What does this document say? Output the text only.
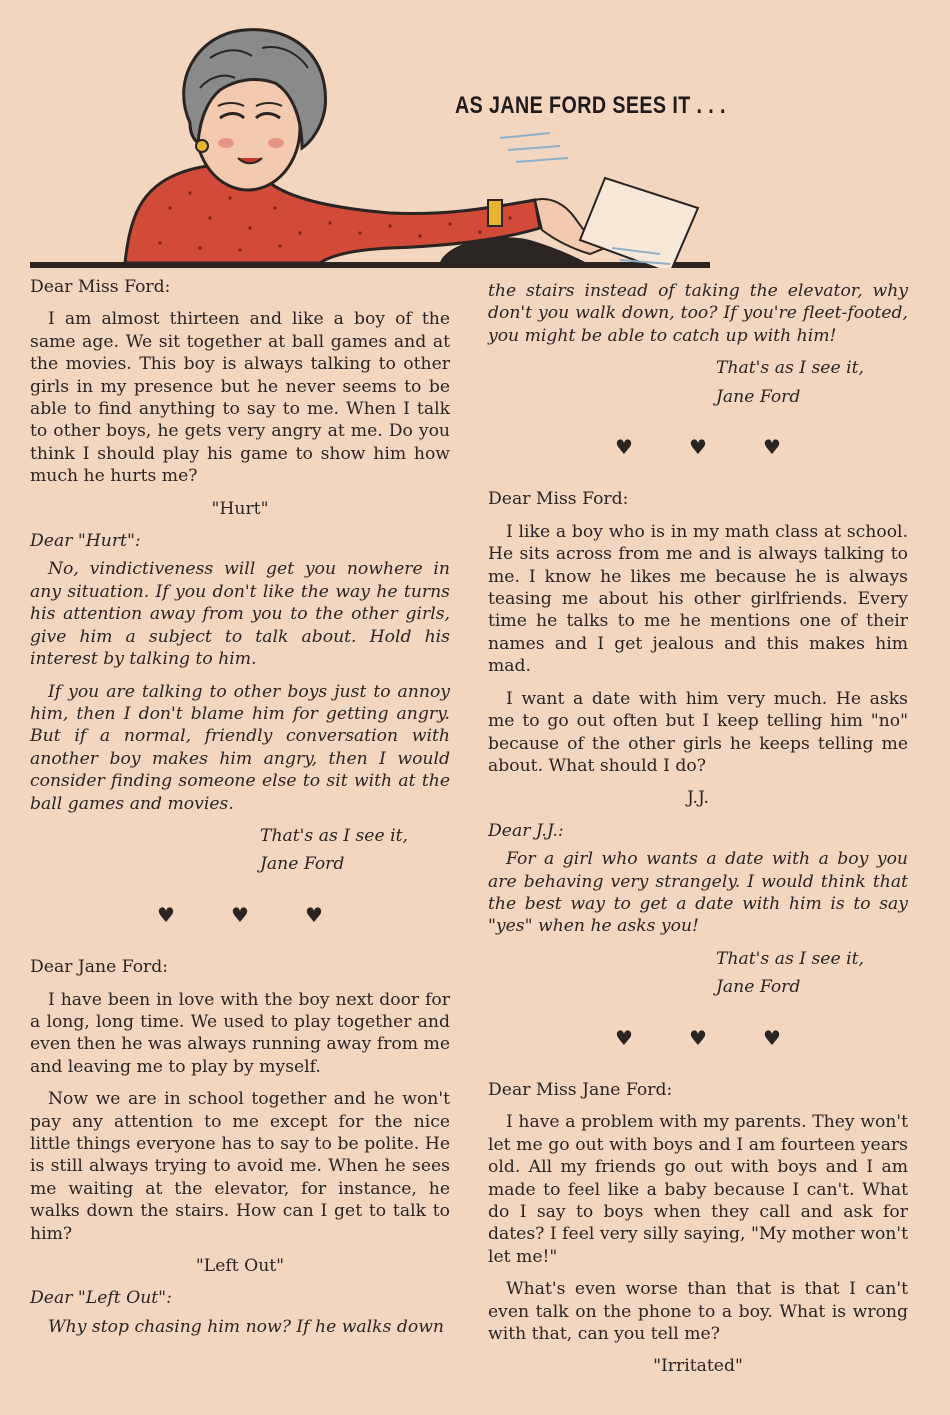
AS JANE FORD SEES IT . . .

Dear Miss Ford:

I am almost thirteen and like a boy of the same age. We sit together at ball games and at the movies. This boy is always talking to other girls in my presence but he never seems to be able to find anything to say to me. When I talk to other boys, he gets very angry at me. Do you think I should play his game to show him how much he hurts me?

"Hurt"

Dear "Hurt":

No, vindictiveness will get you nowhere in any situation. If you don't like the way he turns his attention away from you to the other girls, give him a subject to talk about. Hold his interest by talking to him.

If you are talking to other boys just to annoy him, then I don't blame him for getting angry. But if a normal, friendly conversation with another boy makes him angry, then I would consider finding someone else to sit with at the ball games and movies.

That's as I see it,

Jane Ford

♥	♥	♥

Dear Jane Ford:

I have been in love with the boy next door for a long, long time. We used to play together and even then he was always running away from me and leaving me to play by myself.

Now we are in school together and he won't pay any attention to me except for the nice little things everyone has to say to be polite. He is still always trying to avoid me. When he sees me waiting at the elevator, for instance, he walks down the stairs. How can I get to talk to him?

"Left Out"

Dear "Left Out":

Why stop chasing him now? If he walks down

the stairs instead of taking the elevator, why don't you walk down, too? If you're fleet-footed, you might be able to catch up with him!

That's as I see it,

Jane Ford

♥	♥	♥

Dear Miss Ford:

I like a boy who is in my math class at school. He sits across from me and is always talking to me. I know he likes me because he is always teasing me about his other girlfriends. Every time he talks to me he mentions one of their names and I get jealous and this makes him mad.

I want a date with him very much. He asks me to go out often but I keep telling him "no" because of the other girls he keeps telling me about. What should I do?

J.J.

Dear J.J.:

For a girl who wants a date with a boy you are behaving very strangely. I would think that the best way to get a date with him is to say "yes" when he asks you!

That's as I see it,

Jane Ford

♥	♥	♥

Dear Miss Jane Ford:

I have a problem with my parents. They won't let me go out with boys and I am fourteen years old. All my friends go out with boys and I am made to feel like a baby because I can't. What do I say to boys when they call and ask for dates? I feel very silly saying, "My mother won't let me!"

What's even worse than that is that I can't even talk on the phone to a boy. What is wrong with that, can you tell me?

"Irritated"
